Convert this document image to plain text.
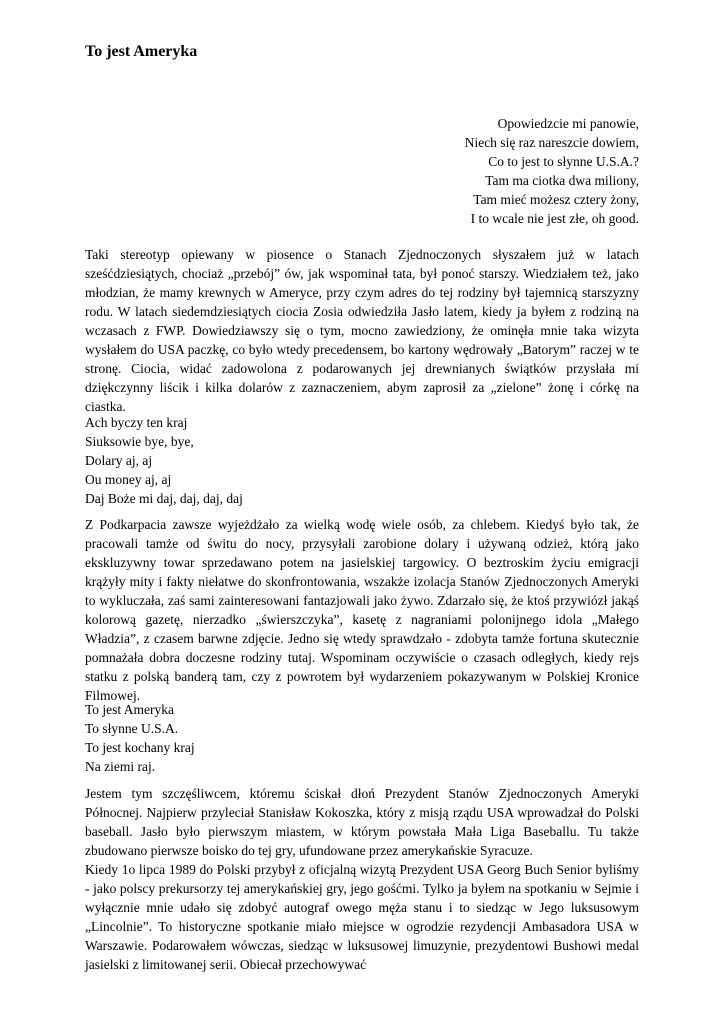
To jest Ameryka
Opowiedzcie mi panowie,
Niech się raz nareszcie dowiem,
Co to jest to słynne U.S.A.?
Tam ma ciotka dwa miliony,
Tam mieć możesz cztery żony,
I to wcale nie jest złe, oh good.

Taki stereotyp opiewany w piosence o Stanach Zjednoczonych słyszałem już w latach sześćdziesiątych, chociaż „przebój” ów, jak wspominał tata, był ponoć starszy. Wiedziałem też, jako młodzian, że mamy krewnych w Ameryce, przy czym adres do tej rodziny był tajemnicą starszyzny rodu. W latach siedemdziesiątych ciocia Zosia odwiedziła Jasło latem, kiedy ja byłem z rodziną na wczasach z FWP. Dowiedziawszy się o tym, mocno zawiedziony, że ominęła mnie taka wizyta wysłałem do USA paczkę, co było wtedy precedensem, bo kartony wędrowały „Batorym” raczej w te stronę. Ciocia, widać zadowolona z podarowanych jej drewnianych świątków przysłała mi dziękczynny liścik i kilka dolarów z zaznaczeniem, abym zaprosił za „zielone” żonę i córkę na ciastka.

Ach byczy ten kraj
Siuksowie bye, bye,
Dolary aj, aj
Ou money aj, aj
Daj Boże mi daj, daj, daj, daj

Z Podkarpacia zawsze wyjeżdżało za wielką wodę wiele osób, za chlebem. Kiedyś było tak, że pracowali tamże od świtu do nocy, przysyłali zarobione dolary i używaną odzież, którą jako ekskluzywny towar sprzedawano potem na jasielskiej targowicy. O beztroskim życiu emigracji krążyły mity i fakty niełatwe do skonfrontowania, wszakże izolacja Stanów Zjednoczonych Ameryki to wykluczała, zaś sami zainteresowani fantazjowali jako żywo. Zdarzało się, że ktoś przywiózł jakąś kolorową gazetę, nierzadko „świerszczyka”, kasetę z nagraniami polonijnego idola „Małego Władzia”, z czasem barwne zdjęcie. Jedno się wtedy sprawdzało - zdobyta tamże fortuna skutecznie pomnażała dobra doczesne rodziny tutaj. Wspominam oczywiście o czasach odległych, kiedy rejs statku z polską banderą tam, czy z powrotem był wydarzeniem pokazywanym w Polskiej Kronice Filmowej.

To jest Ameryka
To słynne U.S.A.
To jest kochany kraj
Na ziemi raj.

Jestem tym szczęśliwcem, któremu ściskał dłoń Prezydent Stanów Zjednoczonych Ameryki Północnej. Najpierw przyleciał Stanisław Kokoszka, który z misją rządu USA wprowadzał do Polski baseball. Jasło było pierwszym miastem, w którym powstała Mała Liga Baseballu. Tu także zbudowano pierwsze boisko do tej gry, ufundowane przez amerykańskie Syracuze.

Kiedy 1o lipca 1989 do Polski przybył z oficjalną wizytą Prezydent USA Georg Buch Senior byliśmy - jako polscy prekursorzy tej amerykańskiej gry, jego gośćmi. Tylko ja byłem na spotkaniu w Sejmie i wyłącznie mnie udało się zdobyć autograf owego męża stanu i to siedząc w Jego luksusowym „Lincolnie”. To historyczne spotkanie miało miejsce w ogrodzie rezydencji Ambasadora USA w Warszawie. Podarowałem wówczas, siedząc w luksusowej limuzynie, prezydentowi Bushowi medal jasielski z limitowanej serii. Obiecał przechowywać
